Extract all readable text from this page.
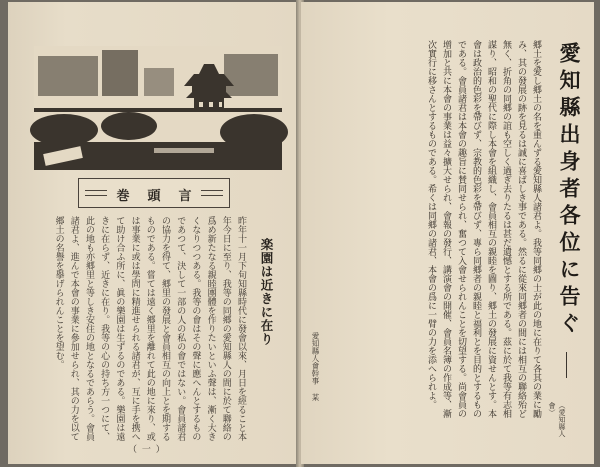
巻頭言
楽園は近きに在り
昨年十一月下旬知縣時代に發會以來、月日を經ること本年今日に至り、我等の同郷の愛知縣人の間に於て聯絡の爲め新たなる親睦團體を作りたいといふ聲は、漸く大きくなりつつある。我等の會はその聲に應へんとするものであつて、決して一部の人の私の會ではない。會員諸君の協力を得て、郷里の發展と會員相互の向上とを期するものである。嘗ては遠く郷里を離れて此の地に來り、或は事業に或は學問に精進せられる諸君が、互に手を携へて助け合ふ所に、眞の樂園は生ずるのである。樂園は遠きに在らず、近きに在り。我等の心の持ち方一つにて、此の地も亦郷里と等しき安住の地となるであらう。會員諸君よ、進んで本會の事業に參加せられ、其の力を以て郷土の名譽を擧げられんことを望む。
（ 一 ）
愛知縣出身者各位に告ぐ
郷土を愛し郷土の名を重んずる愛知縣人諸君よ。我等同郷の士が此の地に在りて各其の業に勵み、其の發展の跡を見るは誠に喜ばしき事である。然るに從來同郷者の間には相互の聯絡殆ど無く、折角の同郷の誼も空しく過ぎ去りたるは甚だ遺憾とする所である。茲に於て我等有志相謀り、昭和の聖代に際し本會を組織し、會員相互の親睦を圖り、郷土の發展に資せんとす。本會は政治的色彩を帶びず、宗教的色彩を帶びず、專ら同郷者の親睦と福利とを目的とするものである。會員諸君は本會の趣旨に賛同せられ、奮つて入會せられんことを切望する。尚會員の增加と共に本會の事業は益々擴大せられ、會報の發行、講演會の開催、會員名簿の作成等、漸次實行に移さんとするものである。希くは同郷の諸君、本會の爲に一臂の力を添へられよ。
（愛知縣人會）
愛知縣人會幹事 某
